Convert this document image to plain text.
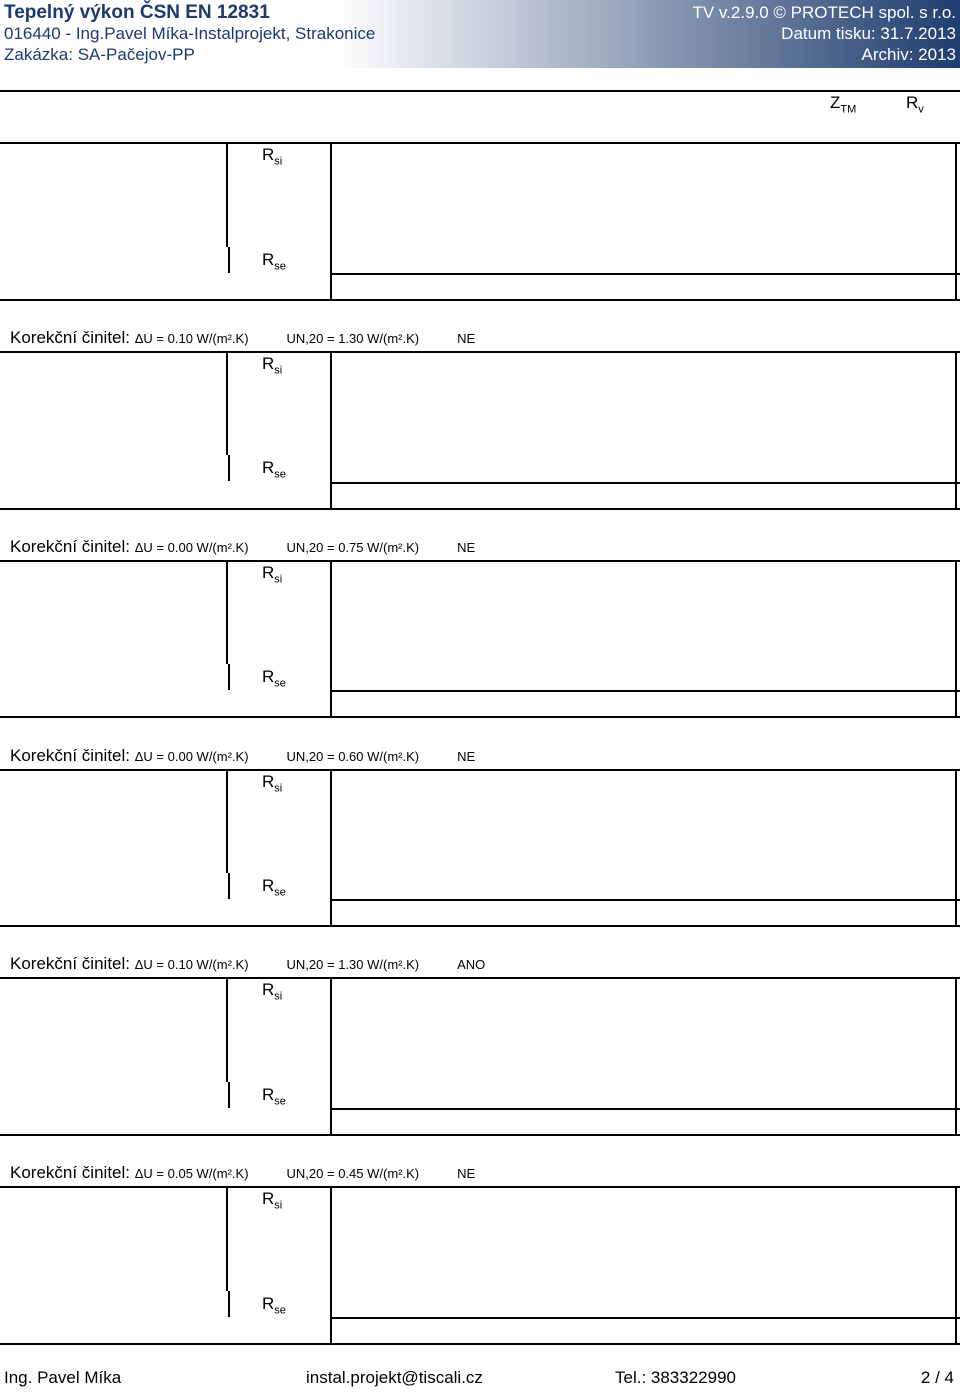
Tepelný výkon ČSN EN 12831
016440 - Ing.Pavel Míka-Instalprojekt, Strakonice
Zakázka: SA-Pačejov-PP
TV v.2.9.0 © PROTECH spol. s r.o.
Datum tisku: 31.7.2013
Archiv: 2013
$Z_{TM}$	$R_v$
$R_{si}$
$R_{se}$
Korekční činitel: ΔU = 0.10 W/(m².K)	UN,20 = 1.30 W/(m².K)	NE
$R_{si}$
$R_{se}$
Korekční činitel: ΔU = 0.00 W/(m².K)	UN,20 = 0.75 W/(m².K)	NE
$R_{si}$
$R_{se}$
Korekční činitel: ΔU = 0.00 W/(m².K)	UN,20 = 0.60 W/(m².K)	NE
$R_{si}$
$R_{se}$
Korekční činitel: ΔU = 0.10 W/(m².K)	UN,20 = 1.30 W/(m².K)	ANO
$R_{si}$
$R_{se}$
Korekční činitel: ΔU = 0.05 W/(m².K)	UN,20 = 0.45 W/(m².K)	NE
$R_{si}$
$R_{se}$
Ing. Pavel Míka	instal.projekt@tiscali.cz	Tel.: 383322990	2 / 4
